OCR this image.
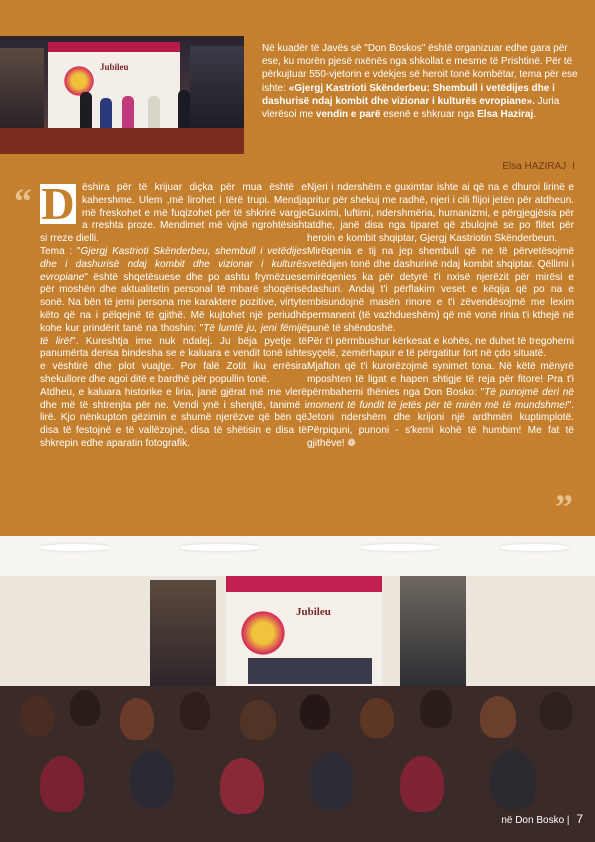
Jubileu

Në kuadër të Javës së "Don Boskos" është organizuar edhe gara për ese, ku morën pjesë nxënës nga shkollat e mesme të Prishtinë. Për të përkujtuar 550-vjetorin e vdekjes së heroit tonë kombëtar, tema për ese ishte: «Gjergj Kastrioti Skënderbeu: Shembull i vetëdijes dhe i dashurisë ndaj kombit dhe vizionar i kulturës evropiane». Juria vlerësoi me vendin e parë esenë e shkruar nga Elsa Haziraj.

Elsa HAZIRAJ I
“ D ëshira për të krijuar diçka për mua është e kahershme. Ulem ,më lirohet i tërë trupi. Mendja më freskohet e më fuqizohet për të shkrirë vargje a rreshta proze. Mendimet më vijnë ngrohtësisht si rreze dielli.

Tema : "Gjergj Kastrioti Skënderbeu, shembull i vetëdijes dhe i dashurisë ndaj kombit dhe vizionar i kulturës evropiane" është shqetësuese dhe po ashtu frymëzuese për moshën dhe aktualitetin personal të mbarë shoqërisë sonë. Na bën të jemi persona me karaktere pozitive, virtyte këto që na i pëlqejnë të gjithë. Më kujtohet një periudhë kohe kur prindërit tanë na thoshin: "Të lumtë ju, jeni fëmijë të lirë!". Kureshtja ime nuk ndalej. Ju bëja pyetje të panumërta derisa bindesha se e kaluara e vendit tonë ishte e vështirë dhe plot vuajtje. Por falë Zotit iku errësira shekullore dhe agoi ditë e bardhë për popullin tonë.

Atdheu, e kaluara historike e liria, janë gjërat më me vlerë dhe më të shtrenjta për ne. Vendi ynë i shenjtë, tanimë i lirë. Kjo nënkupton gëzimin e shumë njerëzve që bën që disa të festojnë e të vallëzojnë, disa të shëtisin e disa të shkrepin edhe aparatin fotografik.

Njeri i ndershëm e guximtar ishte ai që na e dhuroi lirinë e pritur për shekuj me radhë, njeri i cili flijoi jetën për atdheun. Guximi, luftimi, ndershmëria, humanizmi, e përgjegjësia për atdhe, janë disa nga tiparet që zbulojnë se po flitet për heroin e kombit shqiptar, Gjergj Kastriotin Skënderbeun.

Mirëqenia e tij na jep shembull që ne të përvetësojmë vetëdijen tonë dhe dashurinë ndaj kombit shqiptar. Qëllimi i mirëqenies ka për detyrë t'i nxisë njerëzit për mirësi e dashuri. Andaj t'i përflakim veset e këqija që po na e mbisundojnë masën rinore e t'i zëvendësojmë me lexim permanent (të vazhdueshëm) që më vonë rinia t'i kthejë në punë të shëndoshë.

Për t'i përmbushur kërkesat e kohës, ne duhet të tregohemi syçelë, zemërhapur e të përgatitur fort në çdo situatë.

Mjafton që t'i kurorëzojmë synimet tona. Në këtë mënyrë mposhten të ligat e hapen shtigje të reja për fitore! Pra t'i përmbahemi thënies nga Don Bosko: "Të punojmë deri në moment të fundit të jetës për të mirën më të mundshme!". Jetoni ndershëm dhe krijoni një ardhmëri kuptimplotë. Përpiquni, punoni - s'kemi kohë të humbim! Me fat të gjithëve! ❁

”
Jubileu
në Don Bosko | 7
